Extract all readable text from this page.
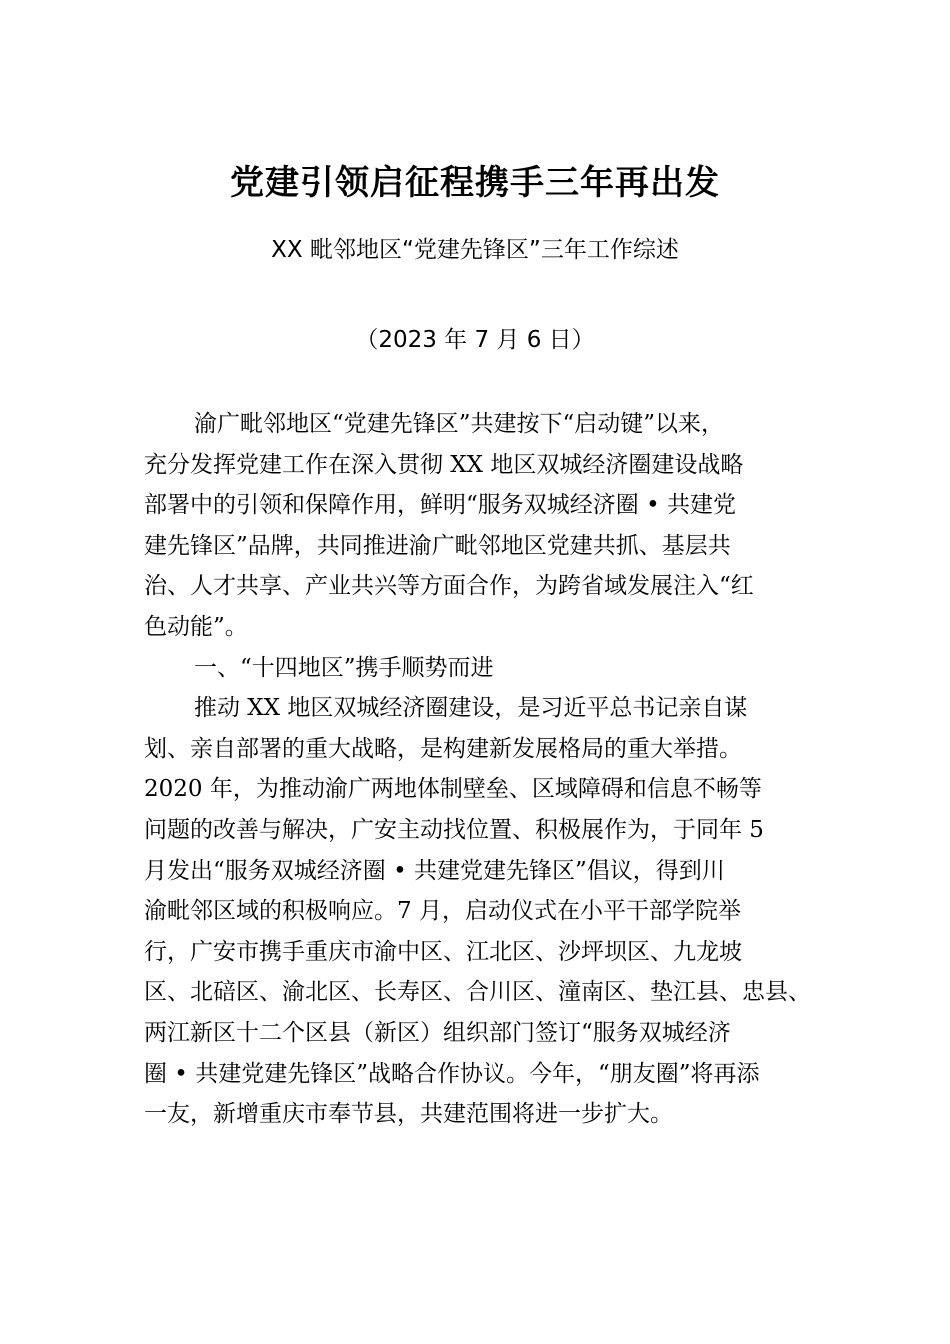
党建引领启征程携手三年再出发
XX 毗邻地区“党建先锋区”三年工作综述
（2023 年 7 月 6 日）
渝广毗邻地区“党建先锋区”共建按下“启动键”以来，
充分发挥党建工作在深入贯彻 XX 地区双城经济圈建设战略
部署中的引领和保障作用，鲜明“服务双城经济圈 • 共建党
建先锋区”品牌，共同推进渝广毗邻地区党建共抓、基层共
治、人才共享、产业共兴等方面合作，为跨省域发展注入“红
色动能”。
一、“十四地区”携手顺势而进
推动 XX 地区双城经济圈建设，是习近平总书记亲自谋
划、亲自部署的重大战略，是构建新发展格局的重大举措。
2020 年，为推动渝广两地体制壁垒、区域障碍和信息不畅等
问题的改善与解决，广安主动找位置、积极展作为，于同年 5
月发出“服务双城经济圈 • 共建党建先锋区”倡议，得到川
渝毗邻区域的积极响应。7 月，启动仪式在小平干部学院举
行，广安市携手重庆市渝中区、江北区、沙坪坝区、九龙坡
区、北碚区、渝北区、长寿区、合川区、潼南区、垫江县、忠县、
两江新区十二个区县（新区）组织部门签订“服务双城经济
圈 • 共建党建先锋区”战略合作协议。今年，“朋友圈”将再添
一友，新增重庆市奉节县，共建范围将进一步扩大。
